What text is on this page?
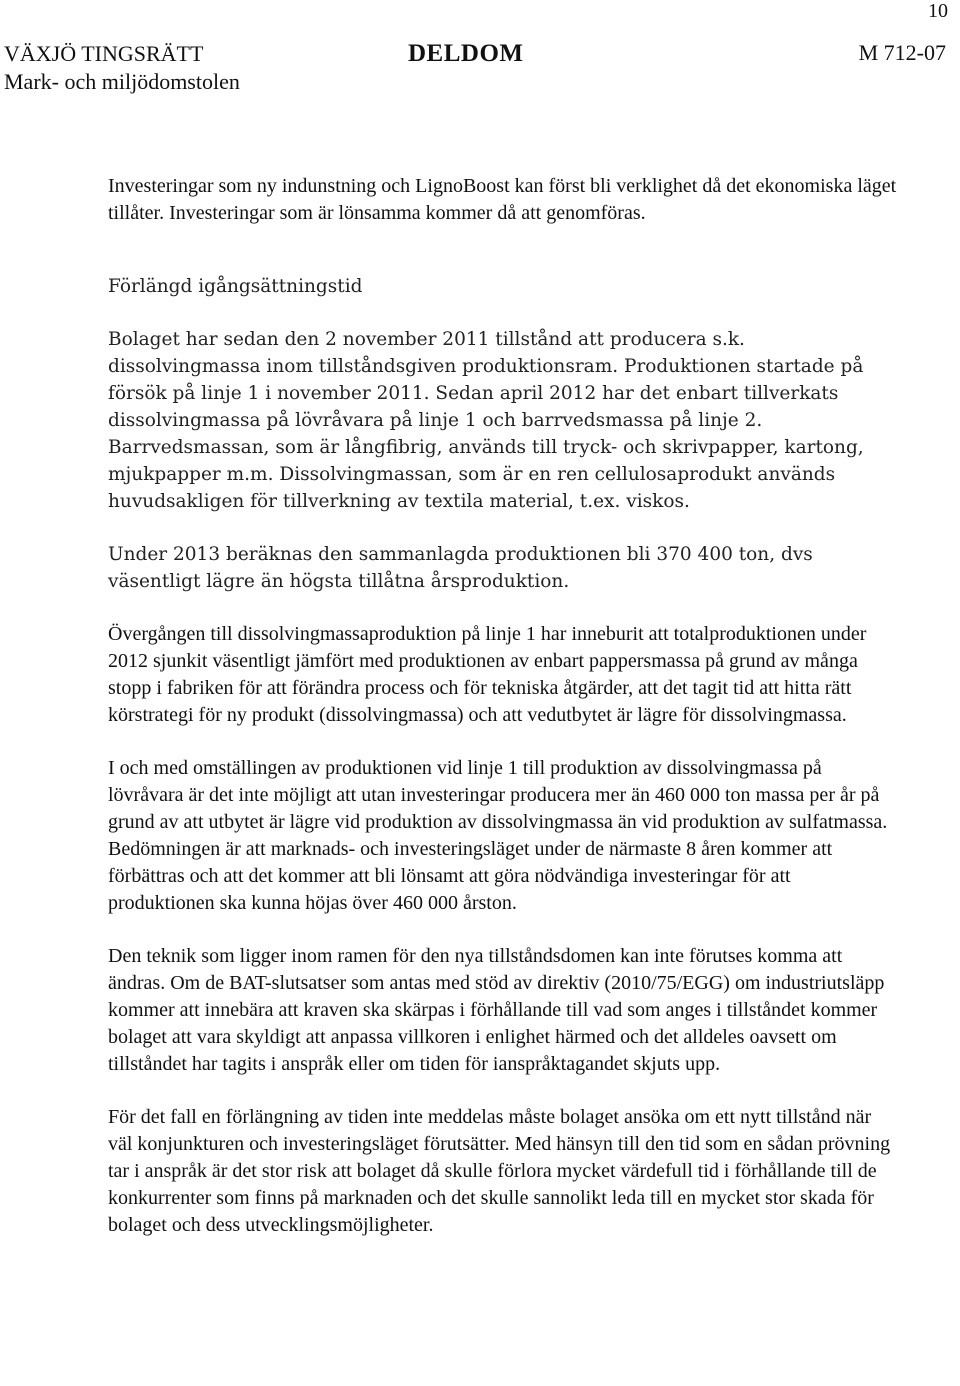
10
VÄXJÖ TINGSRÄTT
Mark- och miljödomstolen
DELDOM	M 712-07

Investeringar som ny indunstning och LignoBoost kan först bli verklighet då det ekonomiska läget tillåter. Investeringar som är lönsamma kommer då att genomföras.

Förlängd igångsättningstid

Bolaget har sedan den 2 november 2011 tillstånd att producera s.k. dissolvingmassa inom tillståndsgiven produktionsram. Produktionen startade på försök på linje 1 i november 2011. Sedan april 2012 har det enbart tillverkats dissolvingmassa på lövråvara på linje 1 och barrvedsmassa på linje 2. Barrvedsmassan, som är långfibrig, används till tryck- och skrivpapper, kartong, mjukpapper m.m. Dissolvingmassan, som är en ren cellulosaprodukt används huvudsakligen för tillverkning av textila material, t.ex. viskos.

Under 2013 beräknas den sammanlagda produktionen bli 370 400 ton, dvs väsentligt lägre än högsta tillåtna årsproduktion.

Övergången till dissolvingmassaproduktion på linje 1 har inneburit att totalproduktionen under 2012 sjunkit väsentligt jämfört med produktionen av enbart pappersmassa på grund av många stopp i fabriken för att förändra process och för tekniska åtgärder, att det tagit tid att hitta rätt körstrategi för ny produkt (dissolvingmassa) och att vedutbytet är lägre för dissolvingmassa.

I och med omställingen av produktionen vid linje 1 till produktion av dissolvingmassa på lövråvara är det inte möjligt att utan investeringar producera mer än 460 000 ton massa per år på grund av att utbytet är lägre vid produktion av dissolvingmassa än vid produktion av sulfatmassa. Bedömningen är att marknads- och investeringsläget under de närmaste 8 åren kommer att förbättras och att det kommer att bli lönsamt att göra nödvändiga investeringar för att produktionen ska kunna höjas över 460 000 årston.

Den teknik som ligger inom ramen för den nya tillståndsdomen kan inte förutses komma att ändras. Om de BAT-slutsatser som antas med stöd av direktiv (2010/75/EGG) om industriutsläpp kommer att innebära att kraven ska skärpas i förhållande till vad som anges i tillståndet kommer bolaget att vara skyldigt att anpassa villkoren i enlighet härmed och det alldeles oavsett om tillståndet har tagits i anspråk eller om tiden för ianspråktagandet skjuts upp.

För det fall en förlängning av tiden inte meddelas måste bolaget ansöka om ett nytt tillstånd när väl konjunkturen och investeringsläget förutsätter. Med hänsyn till den tid som en sådan prövning tar i anspråk är det stor risk att bolaget då skulle förlora mycket värdefull tid i förhållande till de konkurrenter som finns på marknaden och det skulle sannolikt leda till en mycket stor skada för bolaget och dess utvecklingsmöjligheter.
